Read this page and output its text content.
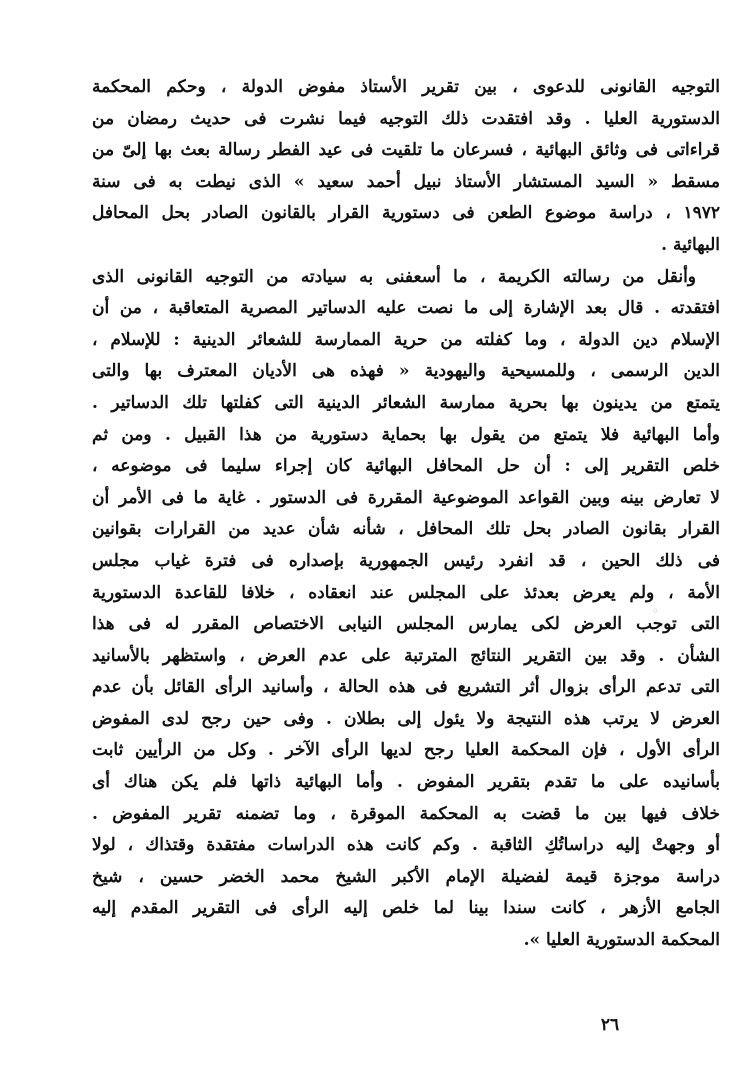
التوجيه القانونى للدعوى ، بين تقرير الأستاذ مفوض الدولة ، وحكم المحكمة
الدستورية العليا . وقد افتقدت ذلك التوجيه فيما نشرت فى حديث رمضان من
قراءاتى فى وثائق البهائية ، فسرعان ما تلقيت فى عيد الفطر رسالة بعث بها إلىّ من
مسقط « السيد المستشار الأستاذ نبيل أحمد سعيد » الذى نيطت به فى سنة
١٩٧٢ ، دراسة موضوع الطعن فى دستورية القرار بالقانون الصادر بحل المحافل
البهائية .
وأنقل من رسالته الكريمة ، ما أسعفنى به سيادته من التوجيه القانونى الذى
افتقدته . قال بعد الإشارة إلى ما نصت عليه الدساتير المصرية المتعاقبة ، من أن
الإسلام دين الدولة ، وما كفلته من حرية الممارسة للشعائر الدينية : للإسلام ،
الدين الرسمى ، وللمسيحية واليهودية « فهذه هى الأديان المعترف بها والتى
يتمتع من يدينون بها بحرية ممارسة الشعائر الدينية التى كفلتها تلك الدساتير .
وأما البهائية فلا يتمتع من يقول بها بحماية دستورية من هذا القبيل . ومن ثم
خلص التقرير إلى : أن حل المحافل البهائية كان إجراء سليما فى موضوعه ،
لا تعارض بينه وبين القواعد الموضوعية المقررة فى الدستور . غاية ما فى الأمر أن
القرار بقانون الصادر بحل تلك المحافل ، شأنه شأن عديد من القرارات بقوانين
فى ذلك الحين ، قد انفرد رئيس الجمهورية بإصداره فى فترة غياب مجلس
الأمة ، ولم يعرض بعدئذ على المجلس عند انعقاده ، خلافا للقاعدة الدستورية
التى توجب العرض لكى يمارس المجلس النيابى الاختصاص المقرر له فى هذا
الشأن . وقد بين التقرير النتائج المترتبة على عدم العرض ، واستظهر بالأسانيد
التى تدعم الرأى بزوال أثر التشريع فى هذه الحالة ، وأسانيد الرأى القائل بأن عدم
العرض لا يرتب هذه النتيجة ولا يئول إلى بطلان . وفى حين رجح لدى المفوض
الرأى الأول ، فإن المحكمة العليا رجح لديها الرأى الآخر . وكل من الرأيين ثابت
بأسانيده على ما تقدم بتقرير المفوض . وأما البهائية ذاتها فلم يكن هناك أى
خلاف فيها بين ما قضت به المحكمة الموقرة ، وما تضمنه تقرير المفوض .
أو وجهتْ إليه دراساتُكِ الثاقبة . وكم كانت هذه الدراسات مفتقدة وقتذاك ، لولا
دراسة موجزة قيمة لفضيلة الإمام الأكبر الشيخ محمد الخضر حسين ، شيخ
الجامع الأزهر ، كانت سندا بينا لما خلص إليه الرأى فى التقرير المقدم إليه
المحكمة الدستورية العليا ».
◦
٢٦
